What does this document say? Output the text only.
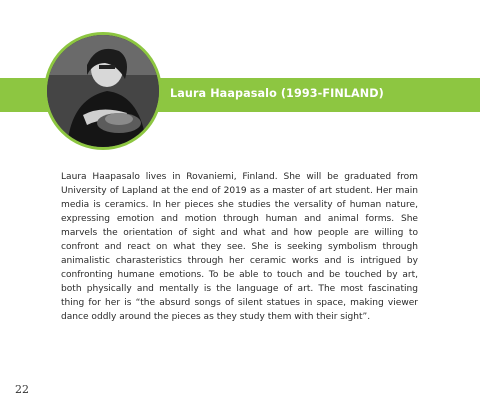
Laura Haapasalo (1993-FINLAND)

Laura Haapasalo lives in Rovaniemi, Finland. She will be graduated from University of Lapland at the end of 2019 as a master of art student. Her main media is ceramics. In her pieces she studies the versality of human nature, expressing emotion and motion through human and animal forms. She marvels the orientation of sight and what and how people are willing to confront and react on what they see. She is seeking symbolism through animalistic charasteristics through her ceramic works and is intrigued by confronting humane emotions. To be able to touch and be touched by art, both physically and mentally is the language of art. The most fascinating thing for her is “the absurd songs of silent statues in space, making viewer dance oddly around the pieces as they study them with their sight”.

22
